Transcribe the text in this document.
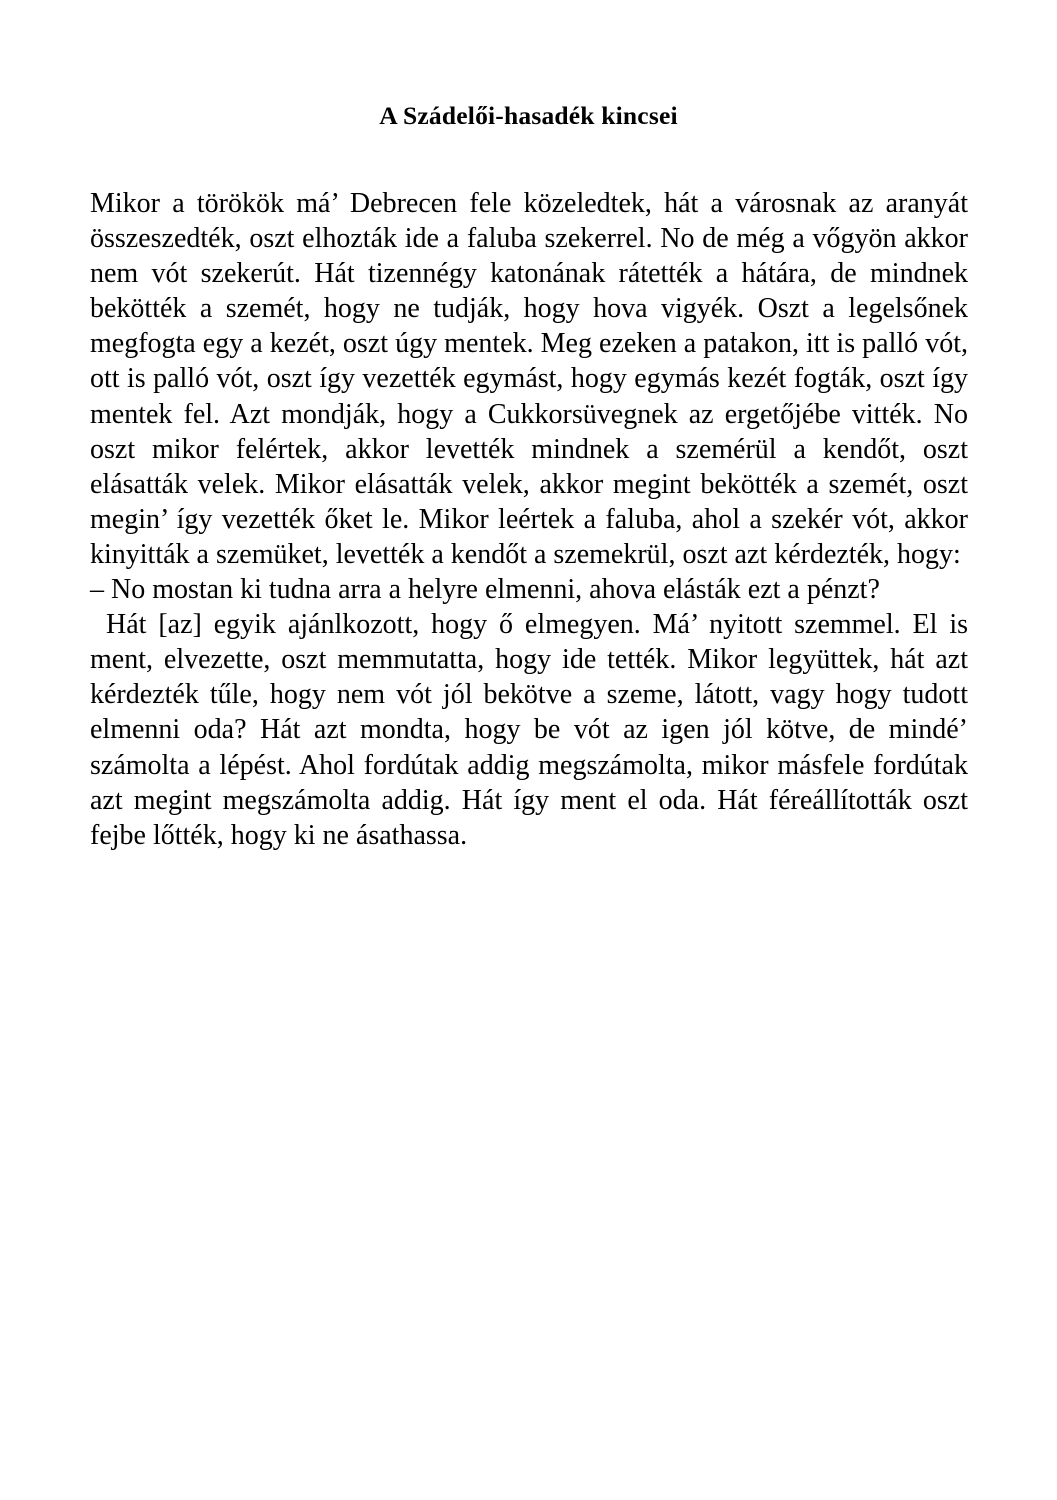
A Szádelői-hasadék kincsei

Mikor a törökök má’ Debrecen fele közeledtek, hát a városnak az aranyát összeszedték, oszt elhozták ide a faluba szekerrel. No de még a vőgyön akkor nem vót szekerút. Hát tizennégy katonának rátették a hátára, de mindnek bekötték a szemét, hogy ne tudják, hogy hova vigyék. Oszt a legelsőnek megfogta egy a kezét, oszt úgy mentek. Meg ezeken a patakon, itt is palló vót, ott is palló vót, oszt így vezették egymást, hogy egymás kezét fogták, oszt így mentek fel. Azt mondják, hogy a Cukkorsüvegnek az ergetőjébe vitték. No oszt mikor felértek, akkor levették mindnek a szemérül a kendőt, oszt elásatták velek. Mikor elásatták velek, akkor megint bekötték a szemét, oszt megin’ így vezették őket le. Mikor leértek a faluba, ahol a szekér vót, akkor kinyitták a szemüket, levették a kendőt a szemekrül, oszt azt kérdezték, hogy:

– No mostan ki tudna arra a helyre elmenni, ahova elásták ezt a pénzt?

Hát [az] egyik ajánlkozott, hogy ő elmegyen. Má’ nyitott szemmel. El is ment, elvezette, oszt memmutatta, hogy ide tették. Mikor legyüttek, hát azt kérdezték tűle, hogy nem vót jól bekötve a szeme, látott, vagy hogy tudott elmenni oda? Hát azt mondta, hogy be vót az igen jól kötve, de mindé’ számolta a lépést. Ahol fordútak addig megszámolta, mikor másfele fordútak azt megint megszámolta addig. Hát így ment el oda. Hát féreállították oszt fejbe lőtték, hogy ki ne ásathassa.
